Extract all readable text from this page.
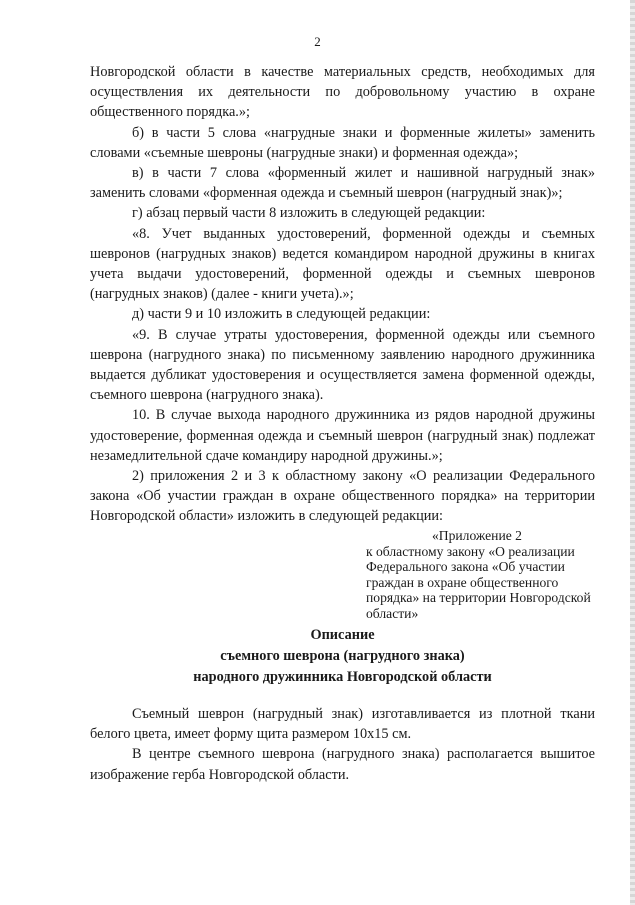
2

Новгородской области в качестве материальных средств, необходимых для осуществления их деятельности по добровольному участию в охране общественного порядка.»;

б) в части 5 слова «нагрудные знаки и форменные жилеты» заменить словами «съемные шевроны (нагрудные знаки) и форменная одежда»;

в) в части 7 слова «форменный жилет и нашивной нагрудный знак» заменить словами «форменная одежда и съемный шеврон (нагрудный знак)»;

г) абзац первый части 8 изложить в следующей редакции:

«8. Учет выданных удостоверений, форменной одежды и съемных шевронов (нагрудных знаков) ведется командиром народной дружины в книгах учета выдачи удостоверений, форменной одежды и съемных шевронов (нагрудных знаков) (далее - книги учета).»;

д) части 9 и 10 изложить в следующей редакции:

«9. В случае утраты удостоверения, форменной одежды или съемного шеврона (нагрудного знака) по письменному заявлению народного дружинника выдается дубликат удостоверения и осуществляется замена форменной одежды, съемного шеврона (нагрудного знака).

10. В случае выхода народного дружинника из рядов народной дружины удостоверение, форменная одежда и съемный шеврон (нагрудный знак) подлежат незамедлительной сдаче командиру народной дружины.»;

2) приложения 2 и 3 к областному закону «О реализации Федерального закона «Об участии граждан в охране общественного порядка» на территории Новгородской области» изложить в следующей редакции:

«Приложение 2
к областному закону «О реализации Федерального закона «Об участии граждан в охране общественного порядка» на территории Новгородской области»
Описание
съемного шеврона (нагрудного знака)
народного дружинника Новгородской области

Съемный шеврон (нагрудный знак) изготавливается из плотной ткани белого цвета, имеет форму щита размером 10х15 см.

В центре съемного шеврона (нагрудного знака) располагается вышитое изображение герба Новгородской области.
